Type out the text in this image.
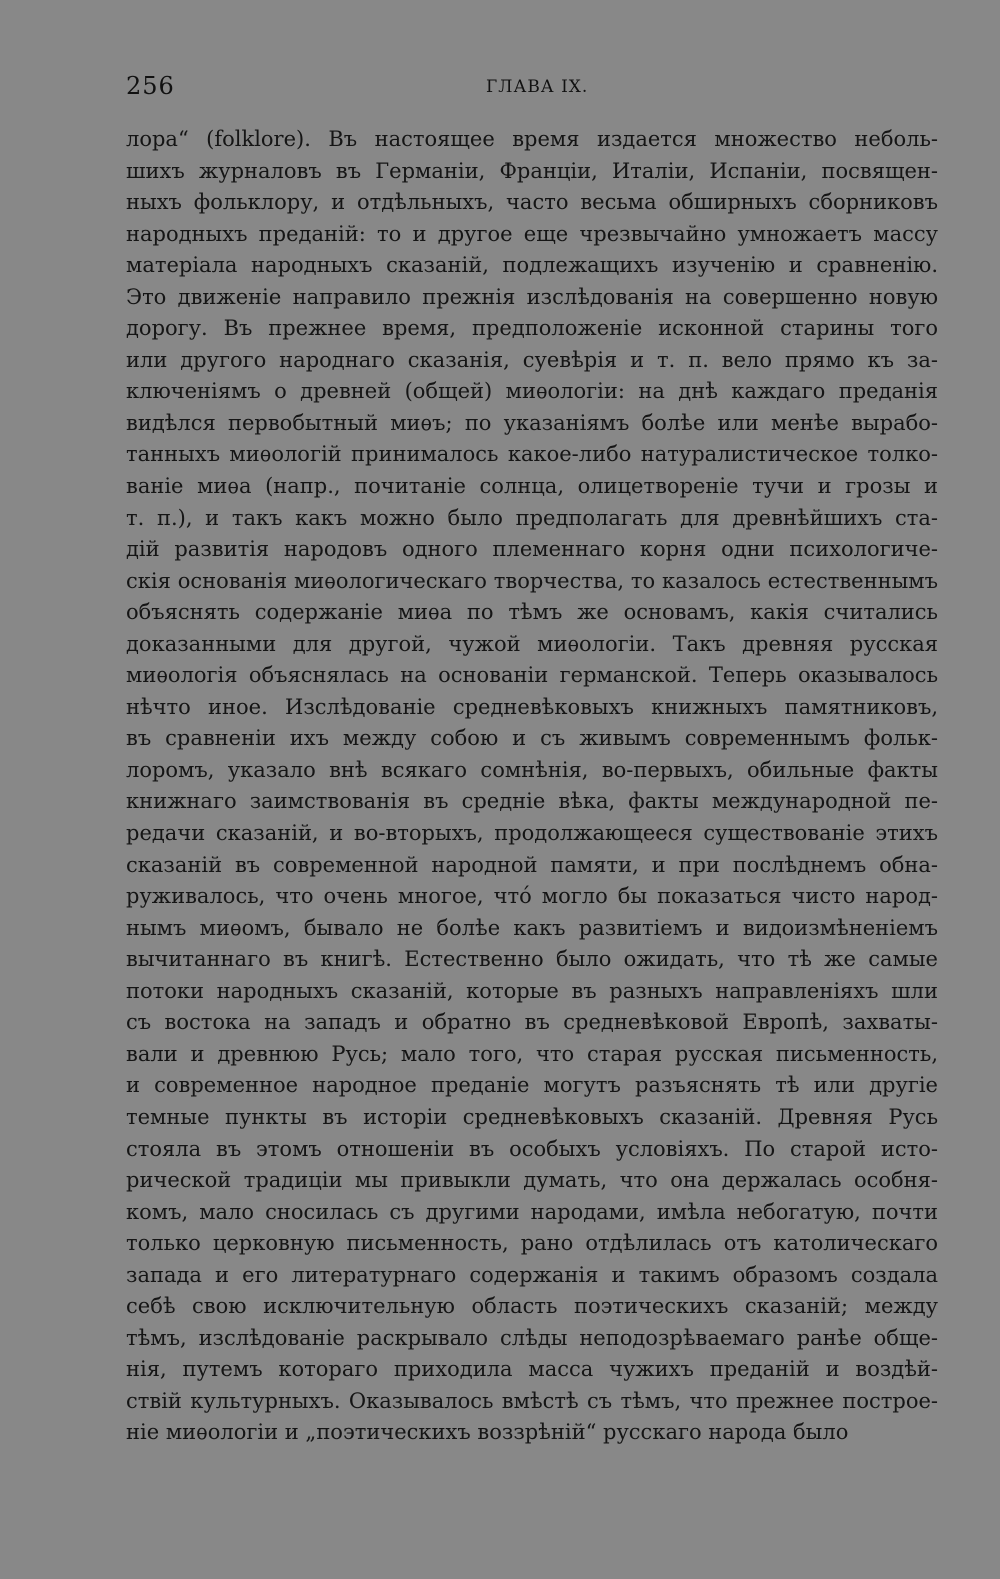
256	ГЛАВА IX.
лора“ (folklore). Въ настоящее время издается множество неболь-
шихъ журналовъ въ Германіи, Франціи, Италіи, Испаніи, посвящен-
ныхъ фольклору, и отдѣльныхъ, часто весьма обширныхъ сборниковъ
народныхъ преданій: то и другое еще чрезвычайно умножаетъ массу
матеріала народныхъ сказаній, подлежащихъ изученію и сравненію.
Это движеніе направило прежнія изслѣдованія на совершенно новую
дорогу. Въ прежнее время, предположеніе исконной старины того
или другого народнаго сказанія, суевѣрія и т. п. вело прямо къ за-
ключеніямъ о древней (общей) миѳологіи: на днѣ каждаго преданія
видѣлся первобытный миѳъ; по указаніямъ болѣе или менѣе вырабо-
танныхъ миѳологій принималось какое-либо натуралистическое толко-
ваніе миѳа (напр., почитаніе солнца, олицетвореніе тучи и грозы и
т. п.), и такъ какъ можно было предполагать для древнѣйшихъ ста-
дій развитія народовъ одного племеннаго корня одни психологиче-
скія основанія миѳологическаго творчества, то казалось естественнымъ
объяснять содержаніе миѳа по тѣмъ же основамъ, какія считались
доказанными для другой, чужой миѳологіи. Такъ древняя русская
миѳологія объяснялась на основаніи германской. Теперь оказывалось
нѣчто иное. Изслѣдованіе средневѣковыхъ книжныхъ памятниковъ,
въ сравненіи ихъ между собою и съ живымъ современнымъ фольк-
лоромъ, указало внѣ всякаго сомнѣнія, во-первыхъ, обильные факты
книжнаго заимствованія въ средніе вѣка, факты международной пе-
редачи сказаній, и во-вторыхъ, продолжающееся существованіе этихъ
сказаній въ современной народной памяти, и при послѣднемъ обна-
руживалось, что очень многое, что́ могло бы показаться чисто народ-
нымъ миѳомъ, бывало не болѣе какъ развитіемъ и видоизмѣненіемъ
вычитаннаго въ книгѣ. Естественно было ожидать, что тѣ же самые
потоки народныхъ сказаній, которые въ разныхъ направленіяхъ шли
съ востока на западъ и обратно въ средневѣковой Европѣ, захваты-
вали и древнюю Русь; мало того, что старая русская письменность,
и современное народное преданіе могутъ разъяснять тѣ или другіе
темные пункты въ исторіи средневѣковыхъ сказаній. Древняя Русь
стояла въ этомъ отношеніи въ особыхъ условіяхъ. По старой исто-
рической традиціи мы привыкли думать, что она держалась особня-
комъ, мало сносилась съ другими народами, имѣла небогатую, почти
только церковную письменность, рано отдѣлилась отъ католическаго
запада и его литературнаго содержанія и такимъ образомъ создала
себѣ свою исключительную область поэтическихъ сказаній; между
тѣмъ, изслѣдованіе раскрывало слѣды неподозрѣваемаго ранѣе обще-
нія, путемъ котораго приходила масса чужихъ преданій и воздѣй-
ствій культурныхъ. Оказывалось вмѣстѣ съ тѣмъ, что прежнее построе-
ніе миѳологіи и „поэтическихъ воззрѣній“ русскаго народа было
